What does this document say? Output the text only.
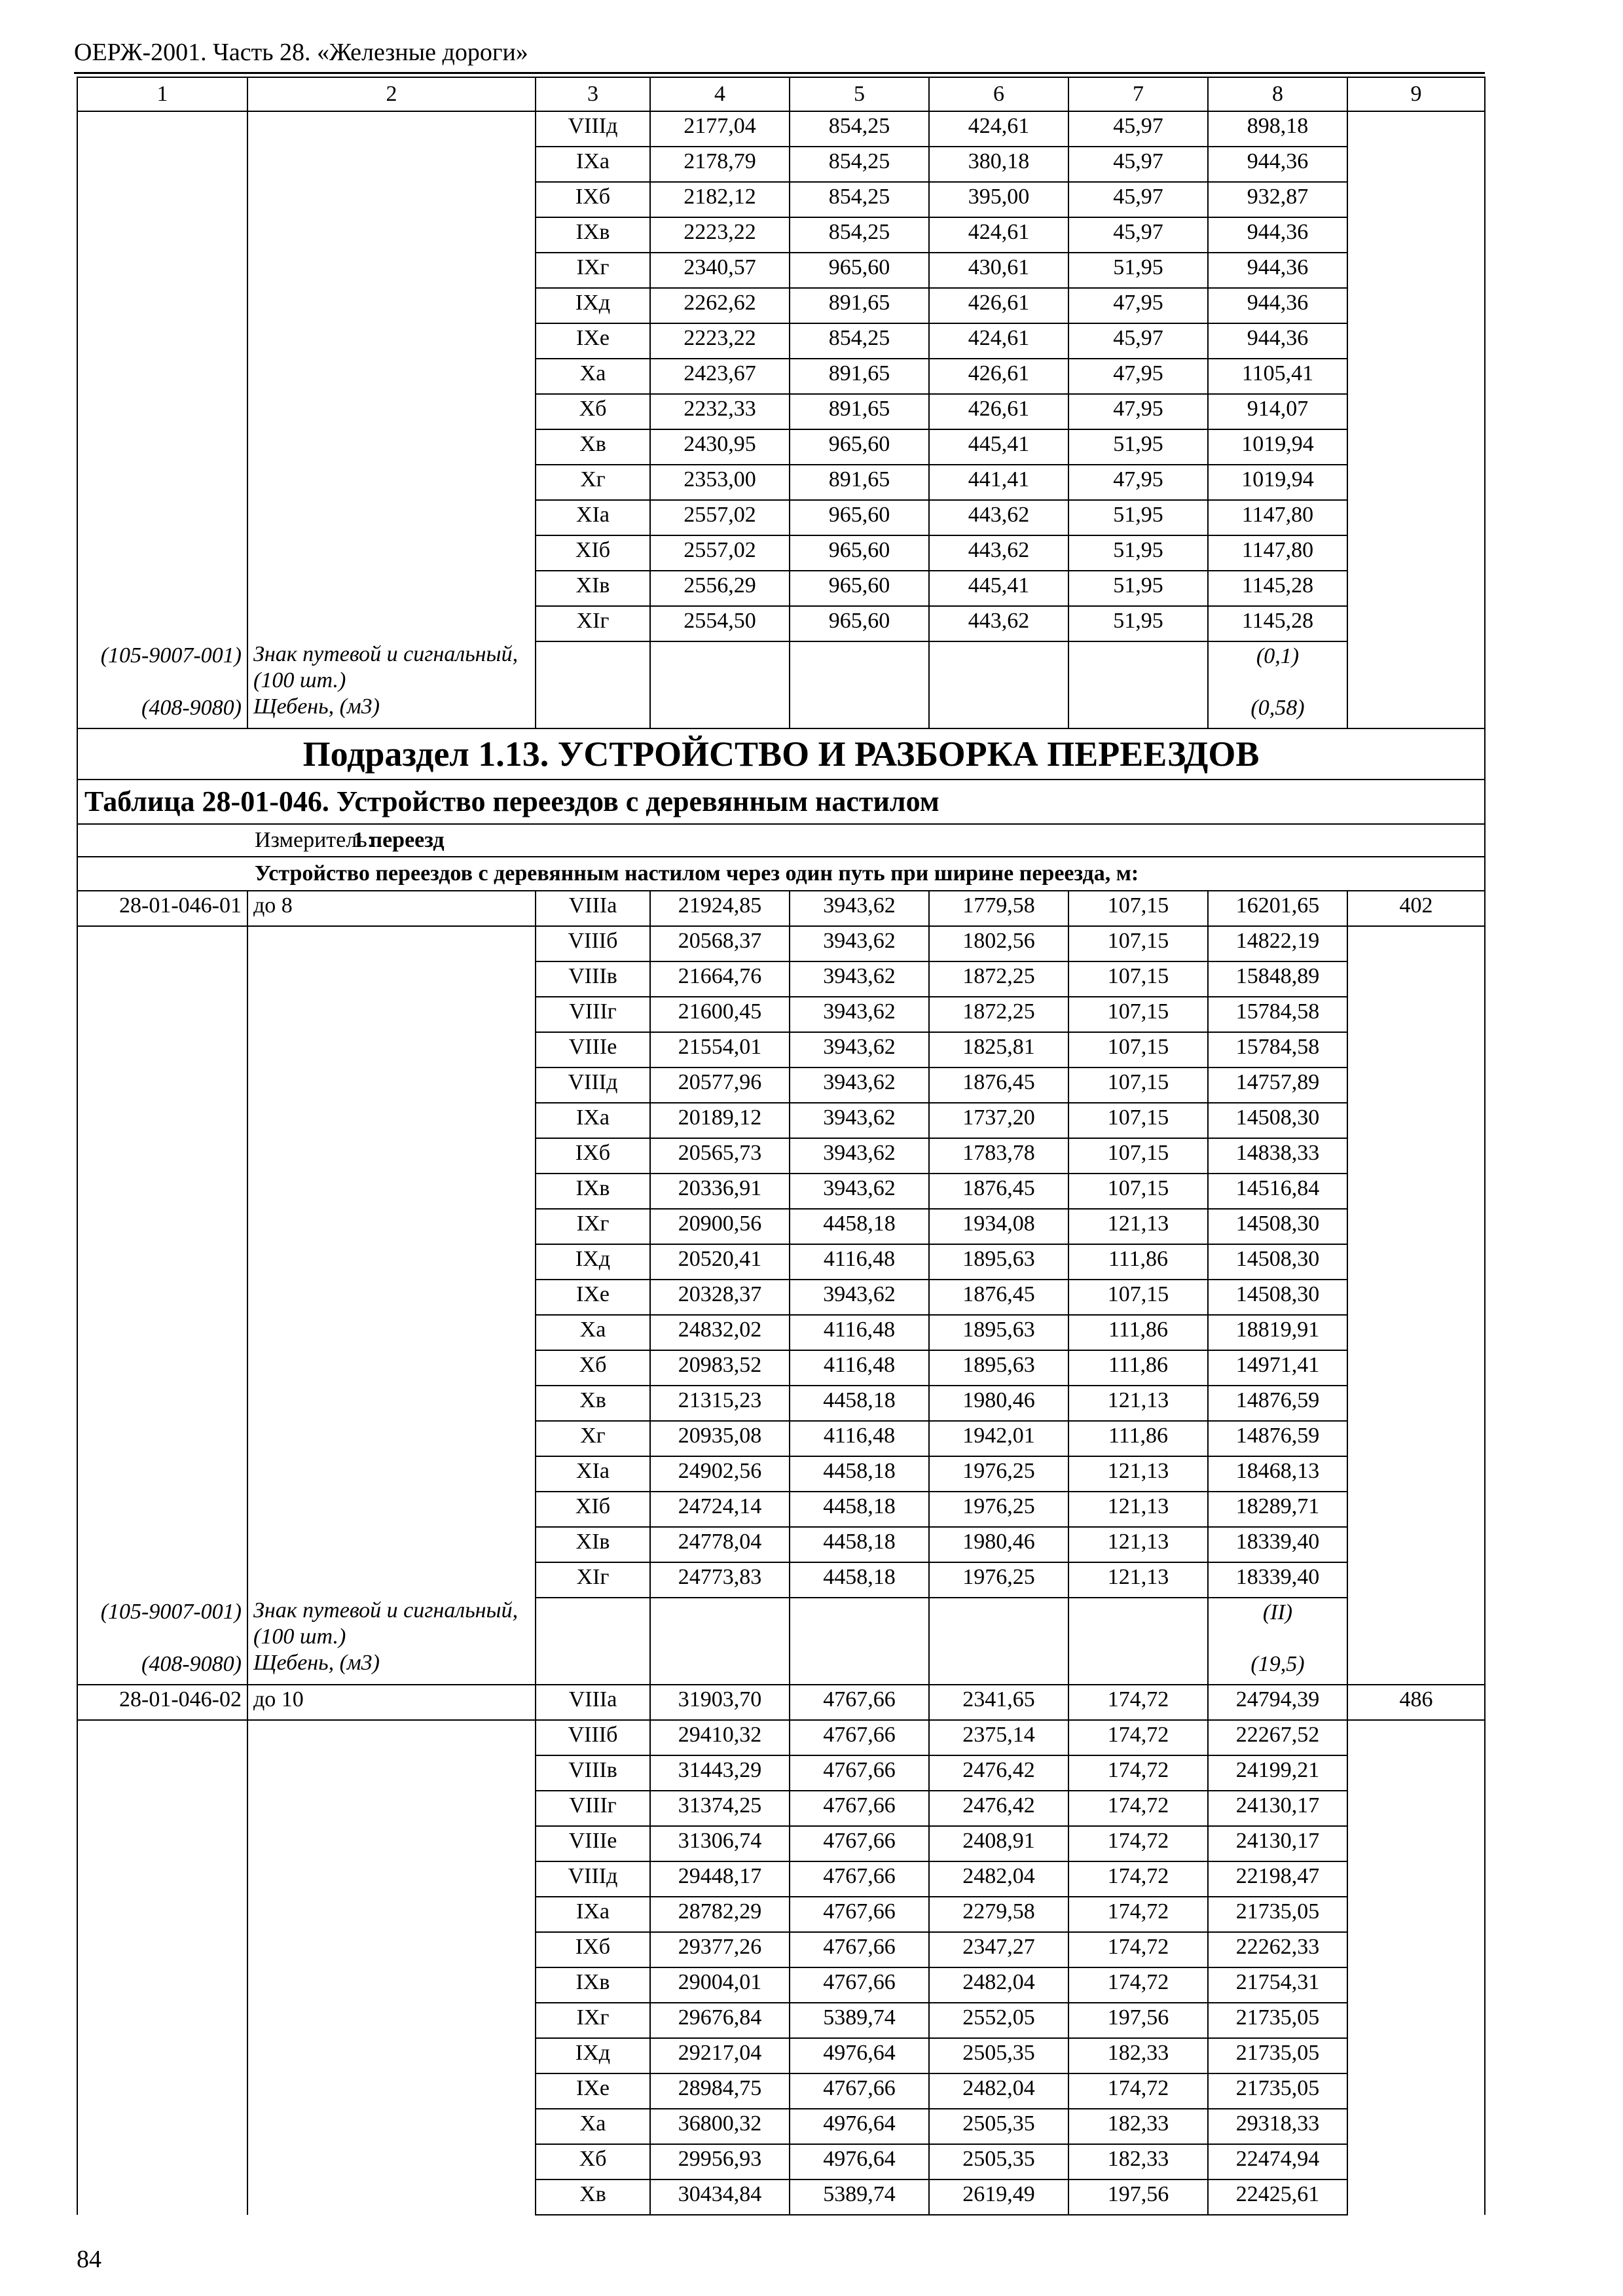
ОЕРЖ-2001. Часть 28. «Железные дороги»
1	2	3	4	5	6	7	8	9
		VIIIд	2177,04	854,25	424,61	45,97	898,18	
		IXа	2178,79	854,25	380,18	45,97	944,36	
		IXб	2182,12	854,25	395,00	45,97	932,87	
		IXв	2223,22	854,25	424,61	45,97	944,36	
		IXг	2340,57	965,60	430,61	51,95	944,36	
		IXд	2262,62	891,65	426,61	47,95	944,36	
		IXе	2223,22	854,25	424,61	45,97	944,36	
		Xа	2423,67	891,65	426,61	47,95	1105,41	
		Xб	2232,33	891,65	426,61	47,95	914,07	
		Xв	2430,95	965,60	445,41	51,95	1019,94	
		Xг	2353,00	891,65	441,41	47,95	1019,94	
		XIа	2557,02	965,60	443,62	51,95	1147,80	
		XIб	2557,02	965,60	443,62	51,95	1147,80	
		XIв	2556,29	965,60	445,41	51,95	1145,28	
		XIг	2554,50	965,60	443,62	51,95	1145,28	
(105-9007-001)	Знак путевой и сигнальный, (100 шт.)						(0,1)	
(408-9080)	Щебень, (м3)						(0,58)	
Подраздел 1.13. УСТРОЙСТВО И РАЗБОРКА ПЕРЕЕЗДОВ								
Таблица 28-01-046. Устройство переездов с деревянным настилом								
Измеритель:1 переезд								
Устройство переездов с деревянным настилом через один путь при ширине переезда, м:								
28-01-046-01	до 8	VIIIа	21924,85	3943,62	1779,58	107,15	16201,65	402
		VIIIб	20568,37	3943,62	1802,56	107,15	14822,19	
		VIIIв	21664,76	3943,62	1872,25	107,15	15848,89	
		VIIIг	21600,45	3943,62	1872,25	107,15	15784,58	
		VIIIе	21554,01	3943,62	1825,81	107,15	15784,58	
		VIIIд	20577,96	3943,62	1876,45	107,15	14757,89	
		IXа	20189,12	3943,62	1737,20	107,15	14508,30	
		IXб	20565,73	3943,62	1783,78	107,15	14838,33	
		IXв	20336,91	3943,62	1876,45	107,15	14516,84	
		IXг	20900,56	4458,18	1934,08	121,13	14508,30	
		IXд	20520,41	4116,48	1895,63	111,86	14508,30	
		IXе	20328,37	3943,62	1876,45	107,15	14508,30	
		Xа	24832,02	4116,48	1895,63	111,86	18819,91	
		Xб	20983,52	4116,48	1895,63	111,86	14971,41	
		Xв	21315,23	4458,18	1980,46	121,13	14876,59	
		Xг	20935,08	4116,48	1942,01	111,86	14876,59	
		XIа	24902,56	4458,18	1976,25	121,13	18468,13	
		XIб	24724,14	4458,18	1976,25	121,13	18289,71	
		XIв	24778,04	4458,18	1980,46	121,13	18339,40	
		XIг	24773,83	4458,18	1976,25	121,13	18339,40	
(105-9007-001)	Знак путевой и сигнальный, (100 шт.)						(II)	
(408-9080)	Щебень, (м3)						(19,5)	
28-01-046-02	до 10	VIIIа	31903,70	4767,66	2341,65	174,72	24794,39	486
		VIIIб	29410,32	4767,66	2375,14	174,72	22267,52	
		VIIIв	31443,29	4767,66	2476,42	174,72	24199,21	
		VIIIг	31374,25	4767,66	2476,42	174,72	24130,17	
		VIIIе	31306,74	4767,66	2408,91	174,72	24130,17	
		VIIIд	29448,17	4767,66	2482,04	174,72	22198,47	
		IXа	28782,29	4767,66	2279,58	174,72	21735,05	
		IXб	29377,26	4767,66	2347,27	174,72	22262,33	
		IXв	29004,01	4767,66	2482,04	174,72	21754,31	
		IXг	29676,84	5389,74	2552,05	197,56	21735,05	
		IXд	29217,04	4976,64	2505,35	182,33	21735,05	
		IXе	28984,75	4767,66	2482,04	174,72	21735,05	
		Xа	36800,32	4976,64	2505,35	182,33	29318,33	
		Xб	29956,93	4976,64	2505,35	182,33	22474,94	
		Xв	30434,84	5389,74	2619,49	197,56	22425,61	
84
